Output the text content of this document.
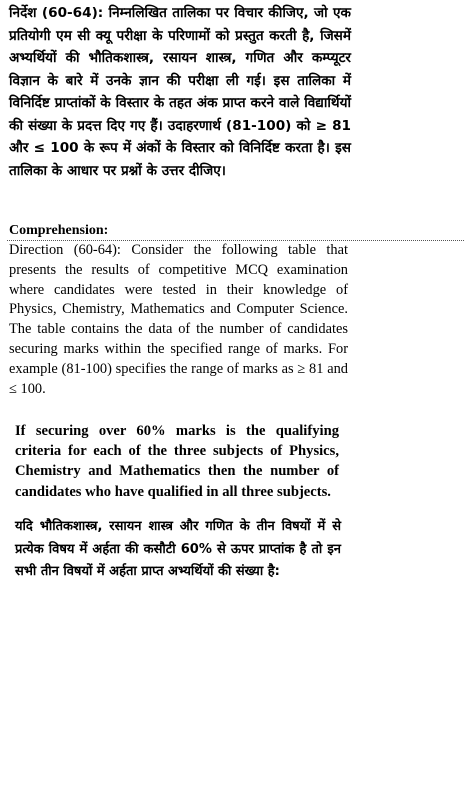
निर्देश (60-64): निम्नलिखित तालिका पर विचार कीजिए, जो एक प्रतियोगी एम सी क्यू परीक्षा के परिणामों को प्रस्तुत करती है, जिसमें अभ्यर्थियों की भौतिकशास्त्र, रसायन शास्त्र, गणित और कम्प्यूटर विज्ञान के बारे में उनके ज्ञान की परीक्षा ली गई। इस तालिका में विनिर्दिष्ट प्राप्तांकों के विस्तार के तहत अंक प्राप्त करने वाले विद्यार्थियों की संख्या के प्रदत्त दिए गए हैं। उदाहरणार्थ (81-100) को ≥ 81 और ≤ 100 के रूप में अंकों के विस्तार को विनिर्दिष्ट करता है। इस तालिका के आधार पर प्रश्नों के उत्तर दीजिए।
Comprehension:
Direction (60-64): Consider the following table that presents the results of competitive MCQ examination where candidates were tested in their knowledge of Physics, Chemistry, Mathematics and Computer Science. The table contains the data of the number of candidates securing marks within the specified range of marks. For example (81-100) specifies the range of marks as ≥ 81 and ≤ 100.
If securing over 60% marks is the qualifying criteria for each of the three subjects of Physics, Chemistry and Mathematics then the number of candidates who have qualified in all three subjects.
यदि भौतिकशास्त्र, रसायन शास्त्र और गणित के तीन विषयों में से प्रत्येक विषय में अर्हता की कसौटी 60% से ऊपर प्राप्तांक है तो इन सभी तीन विषयों में अर्हता प्राप्त अभ्यर्थियों की संख्या है:
